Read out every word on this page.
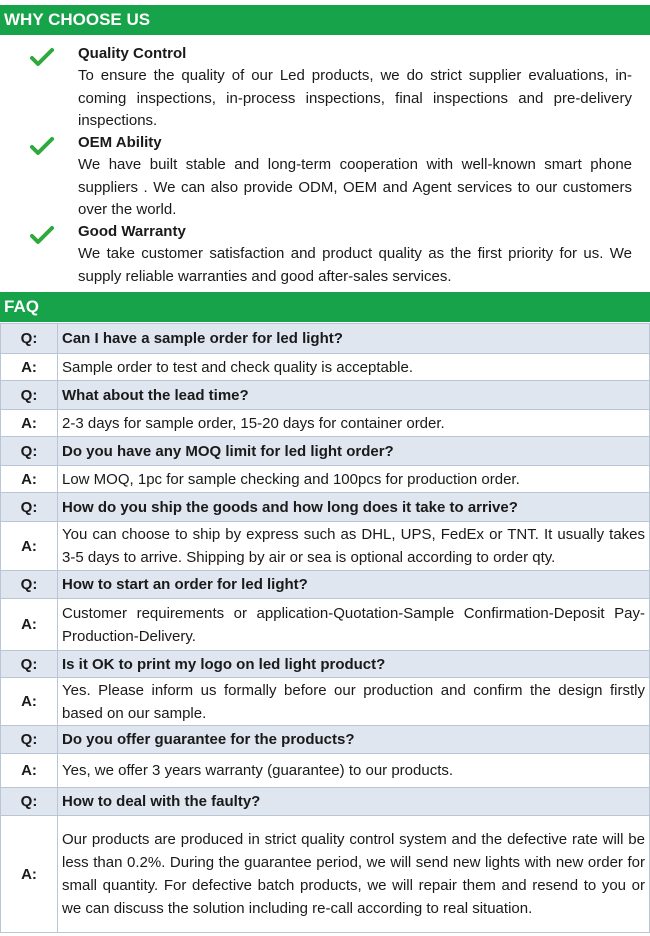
WHY CHOOSE US
Quality Control
To ensure the quality of our Led products, we do strict supplier evaluations, in-coming inspections, in-process inspections, final inspections and pre-delivery inspections.
OEM Ability
We have built stable and long-term cooperation with well-known smart phone suppliers . We can also provide ODM, OEM and Agent services to our customers over the world.
Good Warranty
We take customer satisfaction and product quality as the first priority for us. We supply reliable warranties and good after-sales services.
FAQ
Q:	Can I have a sample order for led light?
A:	Sample order to test and check quality is acceptable.
Q:	What about the lead time?
A:	2-3 days for sample order, 15-20 days for container order.
Q:	Do you have any MOQ limit for led light order?
A:	Low MOQ, 1pc for sample checking and 100pcs for production order.
Q:	How do you ship the goods and how long does it take to arrive?
A:	You can choose to ship by express such as DHL, UPS, FedEx or TNT. It usually takes 3-5 days to arrive. Shipping by air or sea is optional according to order qty.
Q:	How to start an order for led light?
A:	Customer requirements or application-Quotation-Sample Confirmation-Deposit Pay- Production-Delivery.
Q:	Is it OK to print my logo on led light product?
A:	Yes. Please inform us formally before our production and confirm the design firstly based on our sample.
Q:	Do you offer guarantee for the products?
A:	Yes, we offer 3 years warranty (guarantee) to our products.
Q:	How to deal with the faulty?
A:	Our products are produced in strict quality control system and the defective rate will be less than 0.2%. During the guarantee period, we will send new lights with new order for small quantity. For defective batch products, we will repair them and resend to you or we can discuss the solution including re-call according to real situation.
